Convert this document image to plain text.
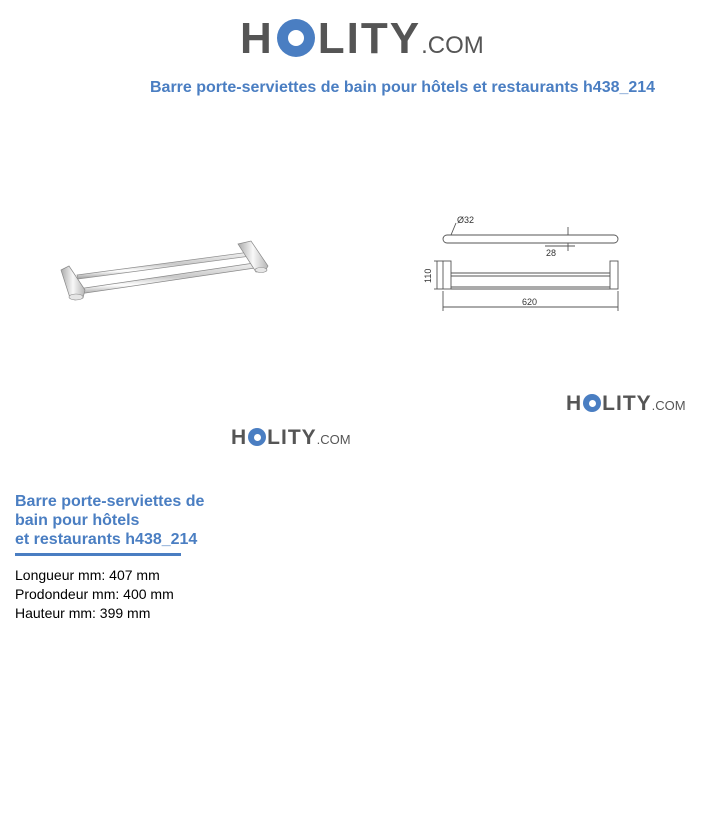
H LITY .COM
Barre porte-serviettes de bain pour hôtels et restaurants h438_214
Ø32
28
110
620
H LITY .COM
H LITY .COM
Barre porte-serviettes de
bain pour hôtels
et restaurants h438_214
Longueur mm: 407 mm
Prodondeur mm: 400 mm
Hauteur mm: 399 mm
